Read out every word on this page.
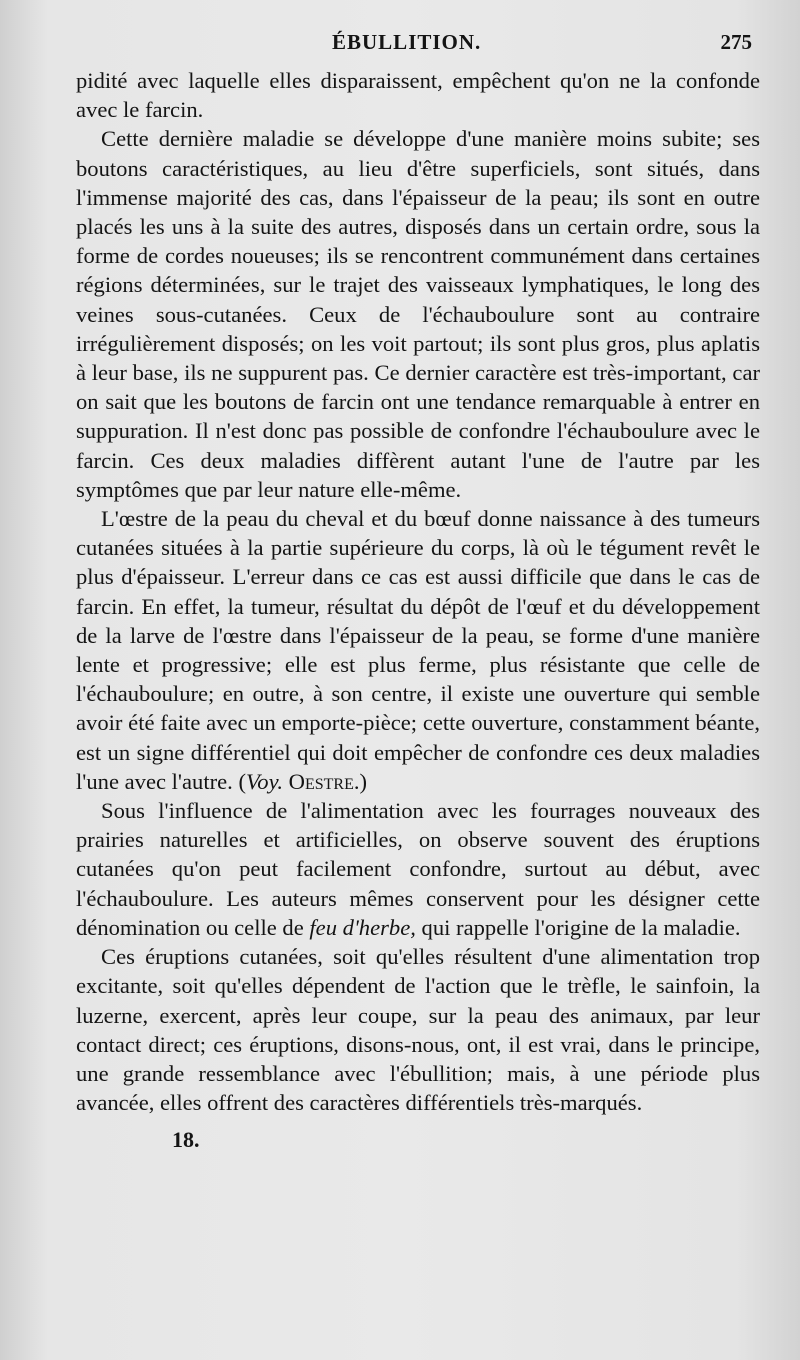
ÉBULLITION.	275

pidité avec laquelle elles disparaissent, empêchent qu'on ne la confonde avec le farcin.

Cette dernière maladie se développe d'une manière moins subite; ses boutons caractéristiques, au lieu d'être superficiels, sont situés, dans l'immense majorité des cas, dans l'épaisseur de la peau; ils sont en outre placés les uns à la suite des autres, disposés dans un certain ordre, sous la forme de cordes noueuses; ils se rencontrent communément dans certaines régions déterminées, sur le trajet des vaisseaux lymphatiques, le long des veines sous-cutanées. Ceux de l'échauboulure sont au contraire irrégulièrement disposés; on les voit partout; ils sont plus gros, plus aplatis à leur base, ils ne suppurent pas. Ce dernier caractère est très-important, car on sait que les boutons de farcin ont une tendance remarquable à entrer en suppuration. Il n'est donc pas possible de confondre l'échauboulure avec le farcin. Ces deux maladies diffèrent autant l'une de l'autre par les symptômes que par leur nature elle-même.

L'œstre de la peau du cheval et du bœuf donne naissance à des tumeurs cutanées situées à la partie supérieure du corps, là où le tégument revêt le plus d'épaisseur. L'erreur dans ce cas est aussi difficile que dans le cas de farcin. En effet, la tumeur, résultat du dépôt de l'œuf et du développement de la larve de l'œstre dans l'épaisseur de la peau, se forme d'une manière lente et progressive; elle est plus ferme, plus résistante que celle de l'échauboulure; en outre, à son centre, il existe une ouverture qui semble avoir été faite avec un emporte-pièce; cette ouverture, constamment béante, est un signe différentiel qui doit empêcher de confondre ces deux maladies l'une avec l'autre. (Voy. Oestre.)

Sous l'influence de l'alimentation avec les fourrages nouveaux des prairies naturelles et artificielles, on observe souvent des éruptions cutanées qu'on peut facilement confondre, surtout au début, avec l'échauboulure. Les auteurs mêmes conservent pour les désigner cette dénomination ou celle de feu d'herbe, qui rappelle l'origine de la maladie.

Ces éruptions cutanées, soit qu'elles résultent d'une alimentation trop excitante, soit qu'elles dépendent de l'action que le trèfle, le sainfoin, la luzerne, exercent, après leur coupe, sur la peau des animaux, par leur contact direct; ces éruptions, disons-nous, ont, il est vrai, dans le principe, une grande ressemblance avec l'ébullition; mais, à une période plus avancée, elles offrent des caractères différentiels très-marqués.

18.
